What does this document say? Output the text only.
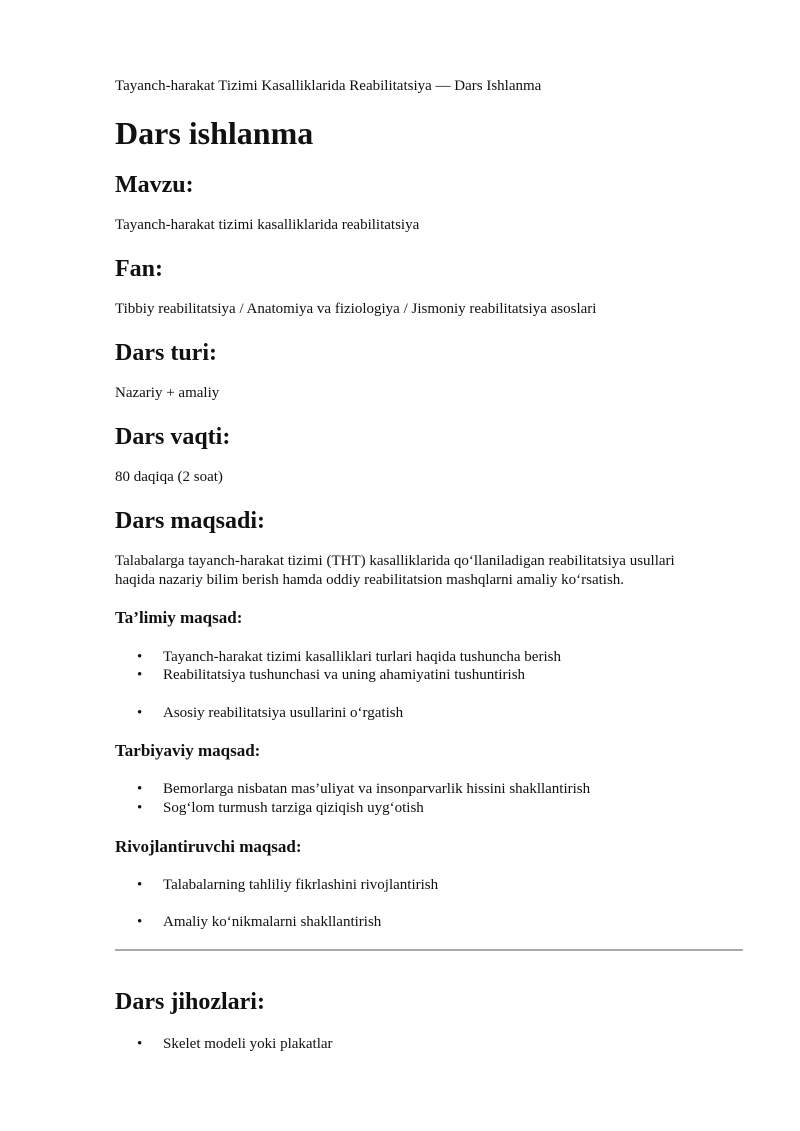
Tayanch-harakat Tizimi Kasalliklarida Reabilitatsiya — Dars Ishlanma
Dars ishlanma
Mavzu:

Tayanch-harakat tizimi kasalliklarida reabilitatsiya

Fan:

Tibbiy reabilitatsiya / Anatomiya va fiziologiya / Jismoniy reabilitatsiya asoslari

Dars turi:

Nazariy + amaliy

Dars vaqti:

80 daqiqa (2 soat)

Dars maqsadi:

Talabalarga tayanch-harakat tizimi (THT) kasalliklarida qo‘llaniladigan reabilitatsiya usullari

haqida nazariy bilim berish hamda oddiy reabilitatsion mashqlarni amaliy ko‘rsatish.

Ta’limiy maqsad:
• Tayanch-harakat tizimi kasalliklari turlari haqida tushuncha berish
• Reabilitatsiya tushunchasi va uning ahamiyatini tushuntirish
• Asosiy reabilitatsiya usullarini o‘rgatish
Tarbiyaviy maqsad:
• Bemorlarga nisbatan mas’uliyat va insonparvarlik hissini shakllantirish
• Sog‘lom turmush tarziga qiziqish uyg‘otish
Rivojlantiruvchi maqsad:
• Talabalarning tahliliy fikrlashini rivojlantirish
• Amaliy ko‘nikmalarni shakllantirish
Dars jihozlari:
• Skelet modeli yoki plakatlar
